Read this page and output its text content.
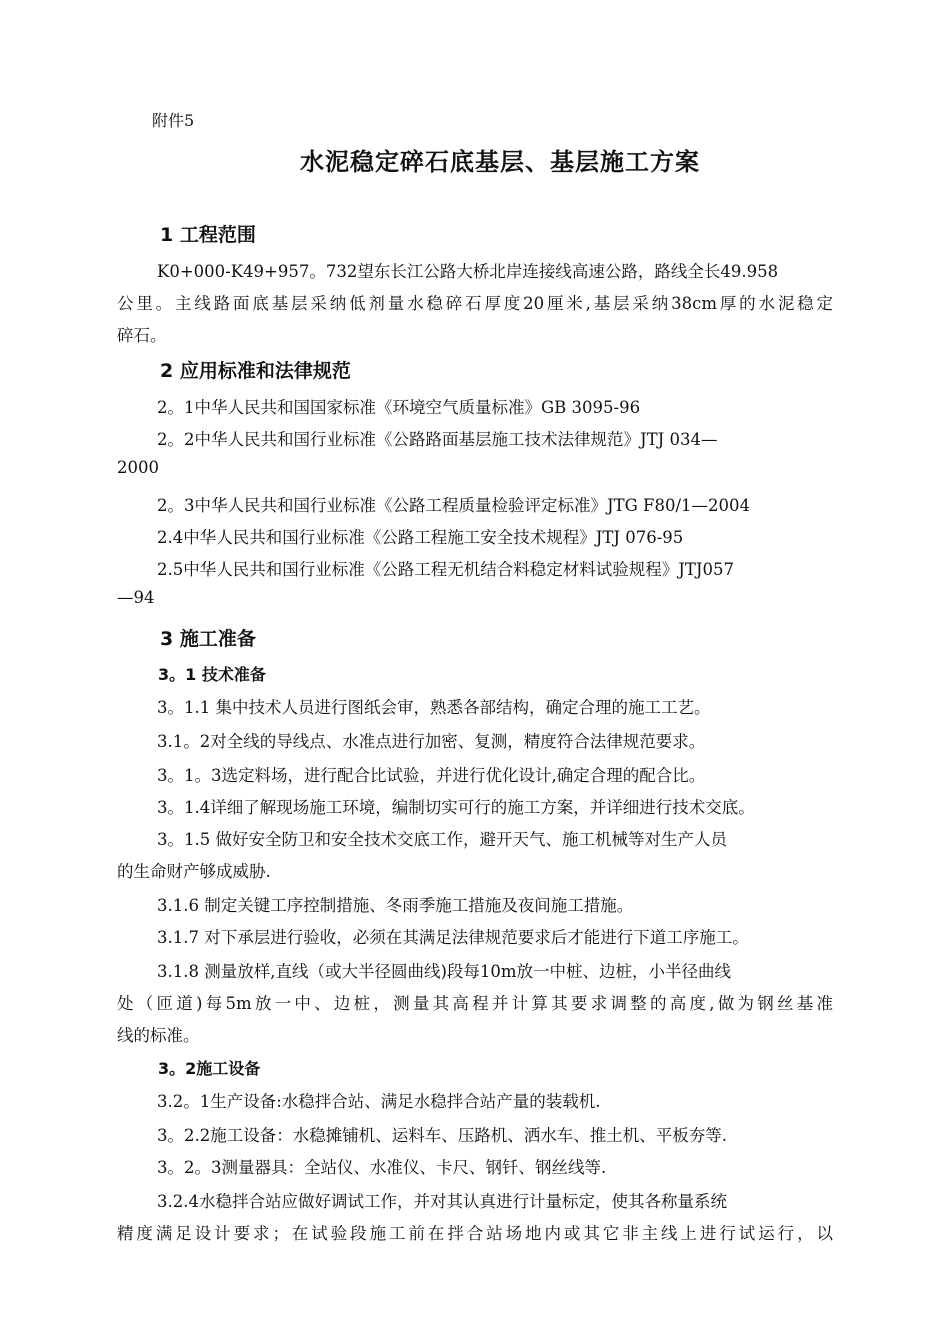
附件5
水泥稳定碎石底基层、基层施工方案
1 工程范围
K0+000-K49+957。732望东长江公路大桥北岸连接线高速公路，路线全长49.958
公里。主线路面底基层采纳低剂量水稳碎石厚度20厘米,基层采纳38cm厚的水泥稳定
碎石。
2 应用标准和法律规范
2。1中华人民共和国国家标准《环境空气质量标准》GB 3095-96
2。2中华人民共和国行业标准《公路路面基层施工技术法律规范》JTJ 034—
2000
2。3中华人民共和国行业标准《公路工程质量检验评定标准》JTG F80/1—2004
2.4中华人民共和国行业标准《公路工程施工安全技术规程》JTJ 076-95
2.5中华人民共和国行业标准《公路工程无机结合料稳定材料试验规程》JTJ057
—94
3 施工准备
3。1 技术准备
3。1.1 集中技术人员进行图纸会审，熟悉各部结构，确定合理的施工工艺。
3.1。2对全线的导线点、水准点进行加密、复测，精度符合法律规范要求。
3。1。3选定料场，进行配合比试验，并进行优化设计,确定合理的配合比。
3。1.4详细了解现场施工环境，编制切实可行的施工方案，并详细进行技术交底。
3。1.5 做好安全防卫和安全技术交底工作，避开天气、施工机械等对生产人员
的生命财产够成威胁.
3.1.6 制定关键工序控制措施、冬雨季施工措施及夜间施工措施。
3.1.7 对下承层进行验收，必须在其满足法律规范要求后才能进行下道工序施工。
3.1.8 测量放样,直线（或大半径圆曲线)段每10m放一中桩、边桩，小半径曲线
处（匝道)每5m放一中、边桩，测量其高程并计算其要求调整的高度,做为钢丝基准
线的标准。
3。2施工设备
3.2。1生产设备:水稳拌合站、满足水稳拌合站产量的装载机.
3。2.2施工设备：水稳摊铺机、运料车、压路机、洒水车、推土机、平板夯等.
3。2。3测量器具：全站仪、水准仪、卡尺、钢钎、钢丝线等.
3.2.4水稳拌合站应做好调试工作，并对其认真进行计量标定，使其各称量系统
精度满足设计要求；在试验段施工前在拌合站场地内或其它非主线上进行试运行，以
